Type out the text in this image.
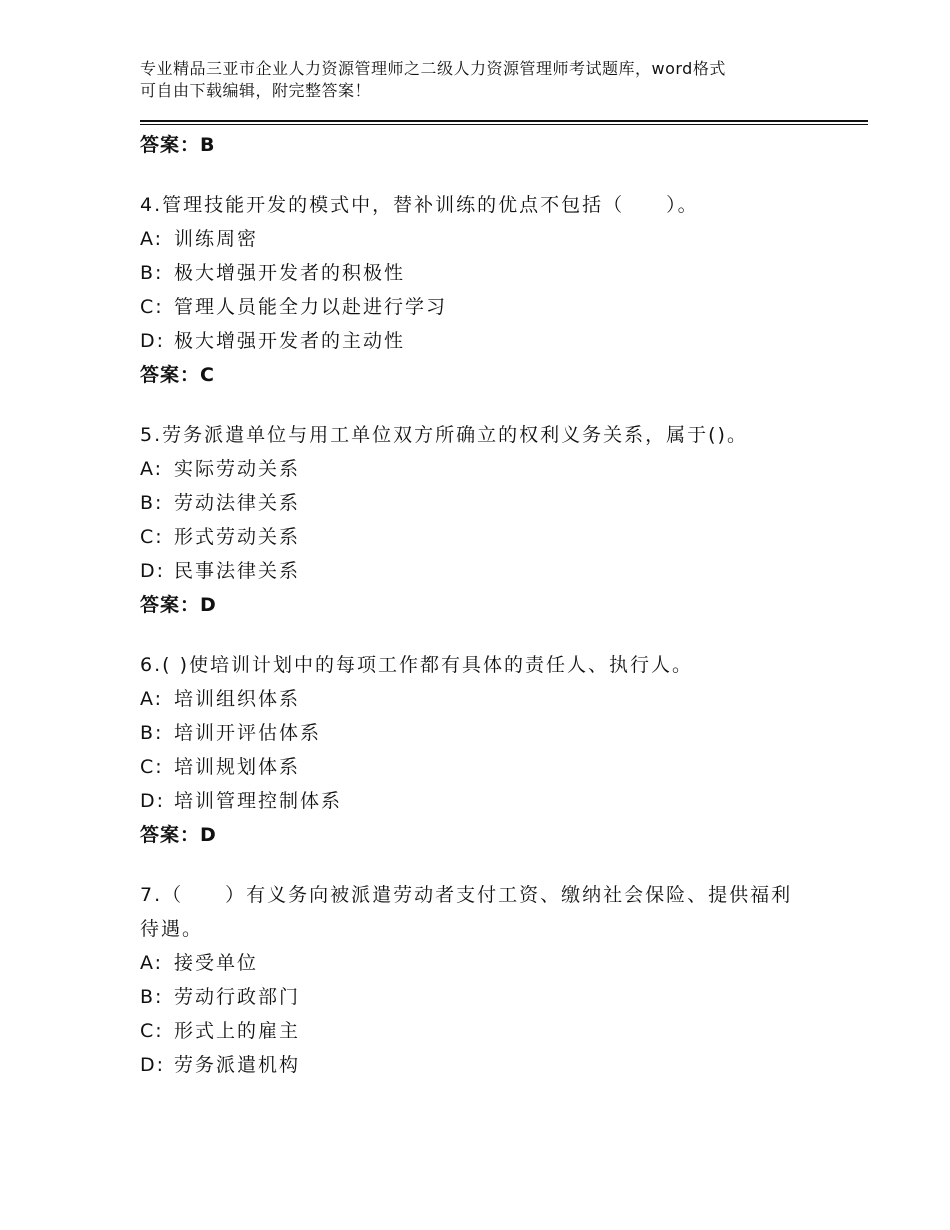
专业精品三亚市企业人力资源管理师之二级人力资源管理师考试题库，word格式
可自由下载编辑，附完整答案！
答案：B
4.管理技能开发的模式中，替补训练的优点不包括（　　）。
A: 训练周密
B: 极大增强开发者的积极性
C: 管理人员能全力以赴进行学习
D: 极大增强开发者的主动性
答案：C
5.劳务派遣单位与用工单位双方所确立的权利义务关系，属于()。
A: 实际劳动关系
B: 劳动法律关系
C: 形式劳动关系
D: 民事法律关系
答案：D
6.( )使培训计划中的每项工作都有具体的责任人、执行人。
A: 培训组织体系
B: 培训开评估体系
C: 培训规划体系
D: 培训管理控制体系
答案：D
7.（　　）有义务向被派遣劳动者支付工资、缴纳社会保险、提供福利待遇。
A: 接受单位
B: 劳动行政部门
C: 形式上的雇主
D: 劳务派遣机构
